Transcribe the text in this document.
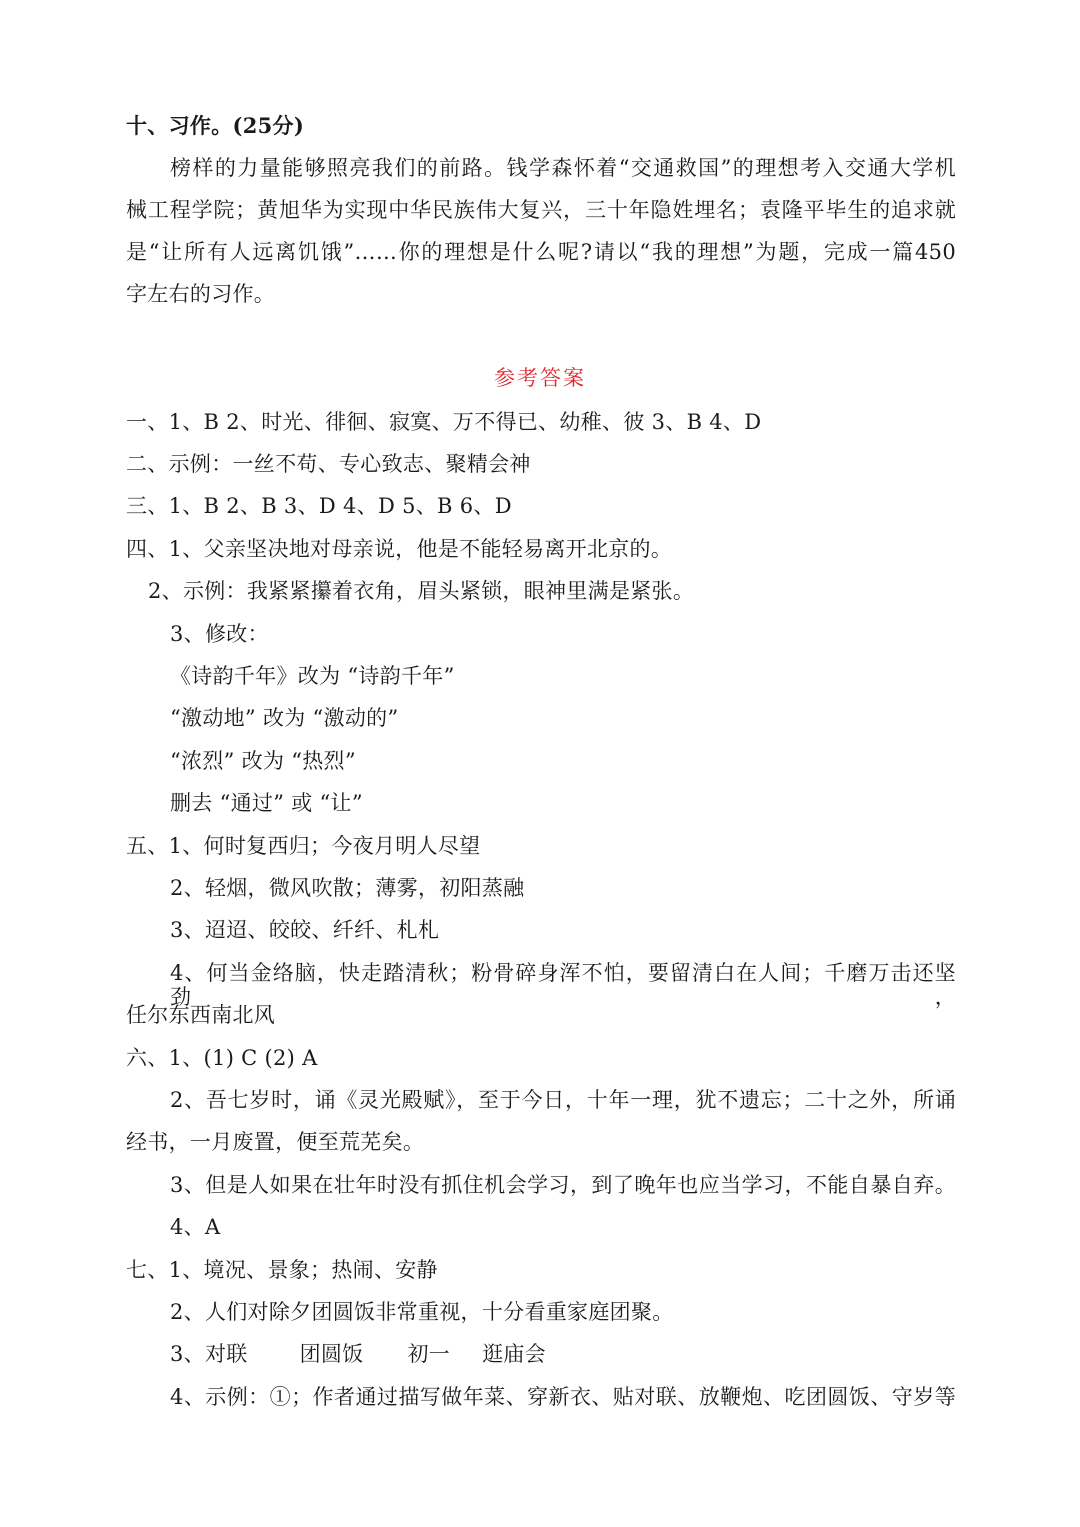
十、习作。(25分)
榜样的力量能够照亮我们的前路。钱学森怀着“交通救国”的理想考入交通大学机
械工程学院；黄旭华为实现中华民族伟大复兴，三十年隐姓埋名；袁隆平毕生的追求就
是“让所有人远离饥饿”……你的理想是什么呢?请以“我的理想”为题，完成一篇450
字左右的习作。
参考答案
一、1、B 2、时光、徘徊、寂寞、万不得已、幼稚、彼 3、B 4、D
二、示例：一丝不苟、专心致志、聚精会神
三、1、B 2、B 3、D 4、D 5、B 6、D
四、1、父亲坚决地对母亲说，他是不能轻易离开北京的。
2、示例：我紧紧攥着衣角，眉头紧锁，眼神里满是紧张。
3、修改：
《诗韵千年》改为 “诗韵千年”
“激动地” 改为 “激动的”
“浓烈” 改为 “热烈”
删去 “通过” 或 “让”
五、1、何时复西归；今夜月明人尽望
2、轻烟，微风吹散；薄雾，初阳蒸融
3、迢迢、皎皎、纤纤、札札
4、何当金络脑，快走踏清秋；粉骨碎身浑不怕，要留清白在人间；千磨万击还坚劲，
任尔东西南北风
六、1、(1) C (2) A
2、吾七岁时，诵《灵光殿赋》，至于今日，十年一理，犹不遗忘；二十之外，所诵
经书，一月废置，便至荒芜矣。
3、但是人如果在壮年时没有抓住机会学习，到了晚年也应当学习，不能自暴自弃。
4、A
七、1、境况、景象；热闹、安静
2、人们对除夕团圆饭非常重视，十分看重家庭团聚。
3、对联 团圆饭 初一 逛庙会
4、示例：①；作者通过描写做年菜、穿新衣、贴对联、放鞭炮、吃团圆饭、守岁等
